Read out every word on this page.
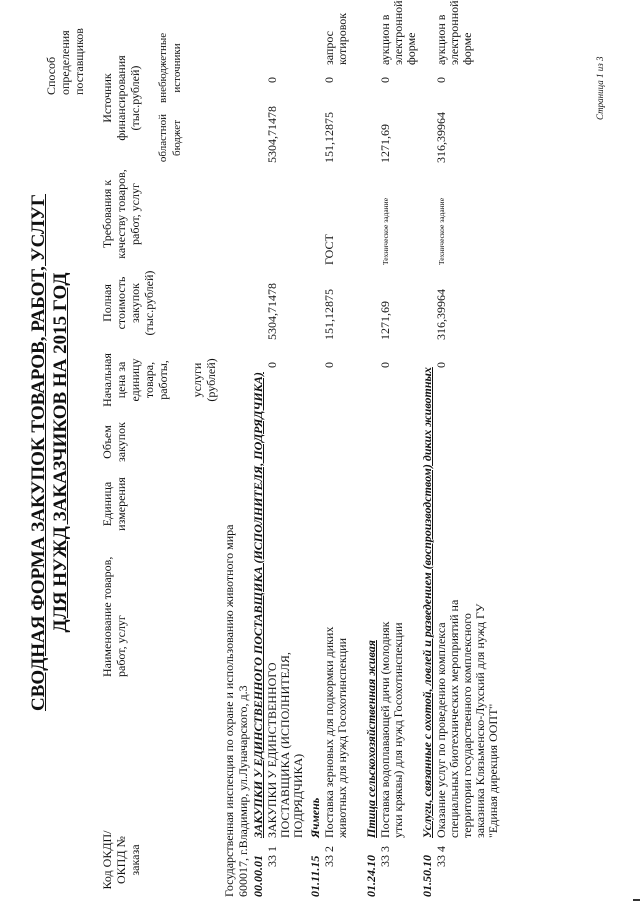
СВОДНАЯ ФОРМА ЗАКУПОК ТОВАРОВ, РАБОТ, УСЛУГ ДЛЯ НУЖД ЗАКАЗЧИКОВ НА 2015 ГОД
Код ОКДП/ ОКПД № заказа
Наименование товаров, работ, услуг
Единица измерения
Объем закупок
Начальная цена за единицу товара, работы, услуги (рублей)
Полная стоимость закупок (тыс.рублей)
Требования к качеству товаров, работ, услуг
Источник финансирования (тыс.рублей)
областной бюджет
внебюджетные источники
Способ определения поставщиков
Государственная инспекция по охране и использованию животного мира 600017, г.Владимир, ул.Луначарского, д.3 00.00.01
ЗАКУПКИ У ЕДИНСТВЕННОГО ПОСТАВЩИКА (ИСПОЛНИТЕЛЯ, ПОДРЯДЧИКА)
33 1
ЗАКУПКИ У ЕДИНСТВЕННОГО ПОСТАВЩИКА (ИСПОЛНИТЕЛЯ, ПОДРЯДЧИКА)
0
5304,71478
5304,71478
0
01.11.15
Ячмень
33 2
Поставка зерновых для подкормки диких животных для нужд Госохотинспекции
0
151,12875
ГОСТ
151,12875
0
запрос котировок
01.24.10
Птица сельскохозяйственная живая
33 3
Поставка водоплавающей дичи (молодняк утки кряквы) для нужд Госохотинспекции
0
1271,69
Техническое задание
1271,69
0
аукцион в электронной форме
01.50.10
Услуги, связанные с охотой, ловлей и разведением (воспроизводством) диких животных
33 4
Оказание услуг по проведению комплекса специальных биотехнических мероприятий на территории государственного комплексного заказника Клязьменско-Лухский для нужд ГУ "Единая дирекция ООПТ"
0
316,39964
Техническое задание
316,39964
0
аукцион в электронной форме
Страница 1 из 3
